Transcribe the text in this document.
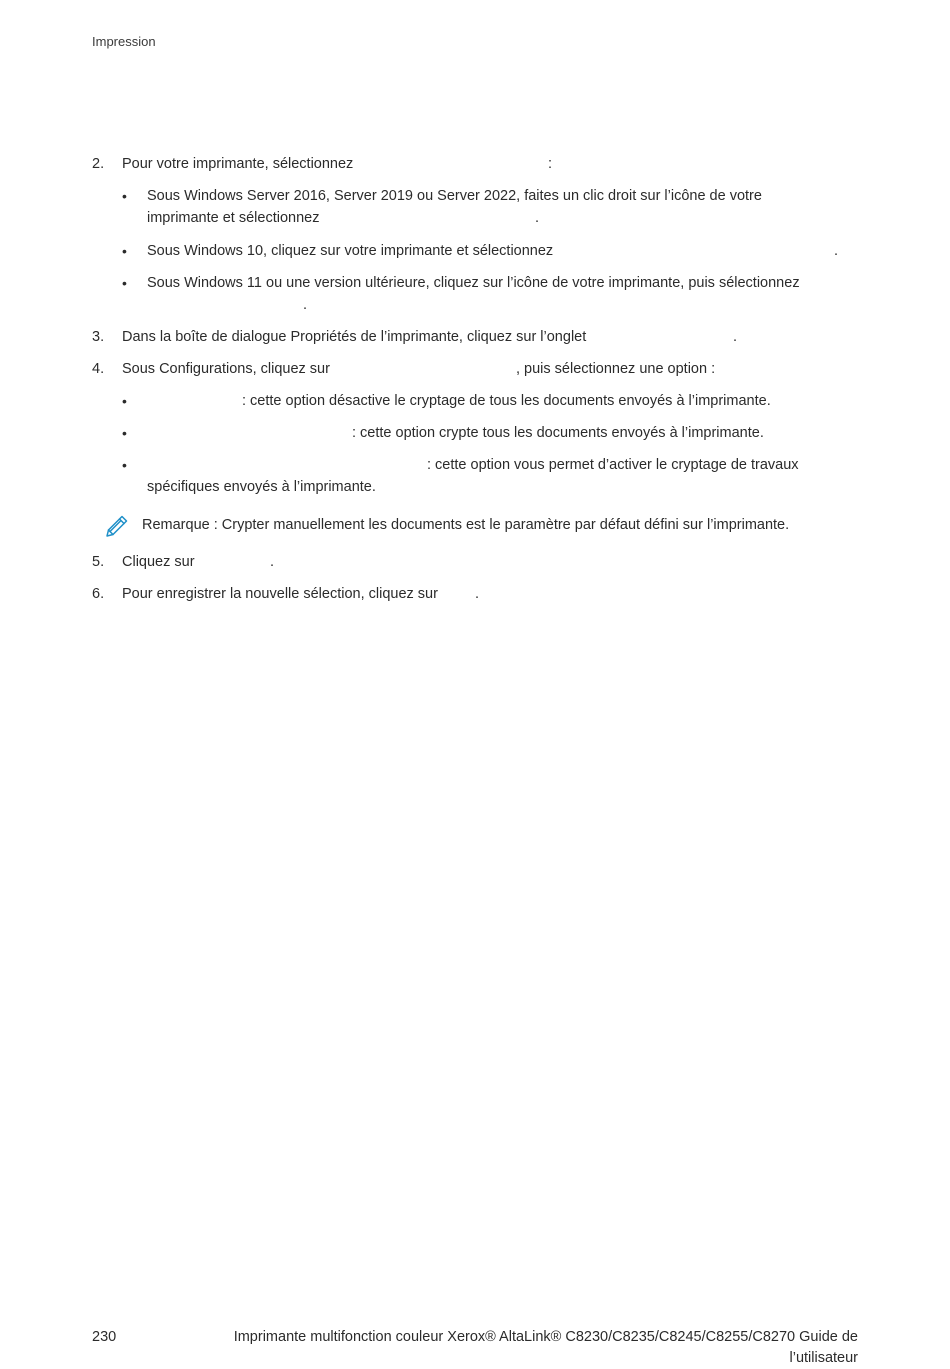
Impression
2. Pour votre imprimante, sélectionnez	:
• Sous Windows Server 2016, Server 2019 ou Server 2022, faites un clic droit sur l’icône de votre
imprimante et sélectionnez	.
• Sous Windows 10, cliquez sur votre imprimante et sélectionnez	.
• Sous Windows 11 ou une version ultérieure, cliquez sur l’icône de votre imprimante, puis sélectionnez
.
3. Dans la boîte de dialogue Propriétés de l’imprimante, cliquez sur l’onglet	.
4. Sous Configurations, cliquez sur	, puis sélectionnez une option :
•	: cette option désactive le cryptage de tous les documents envoyés à l’imprimante.
•	: cette option crypte tous les documents envoyés à l’imprimante.
•	: cette option vous permet d’activer le cryptage de travaux
spécifiques envoyés à l’imprimante.
Remarque : Crypter manuellement les documents est le paramètre par défaut défini sur l’imprimante.
5. Cliquez sur	.
6. Pour enregistrer la nouvelle sélection, cliquez sur	.
230	Imprimante multifonction couleur Xerox® AltaLink® C8230/C8235/C8245/C8255/C8270 Guide de
l’utilisateur
